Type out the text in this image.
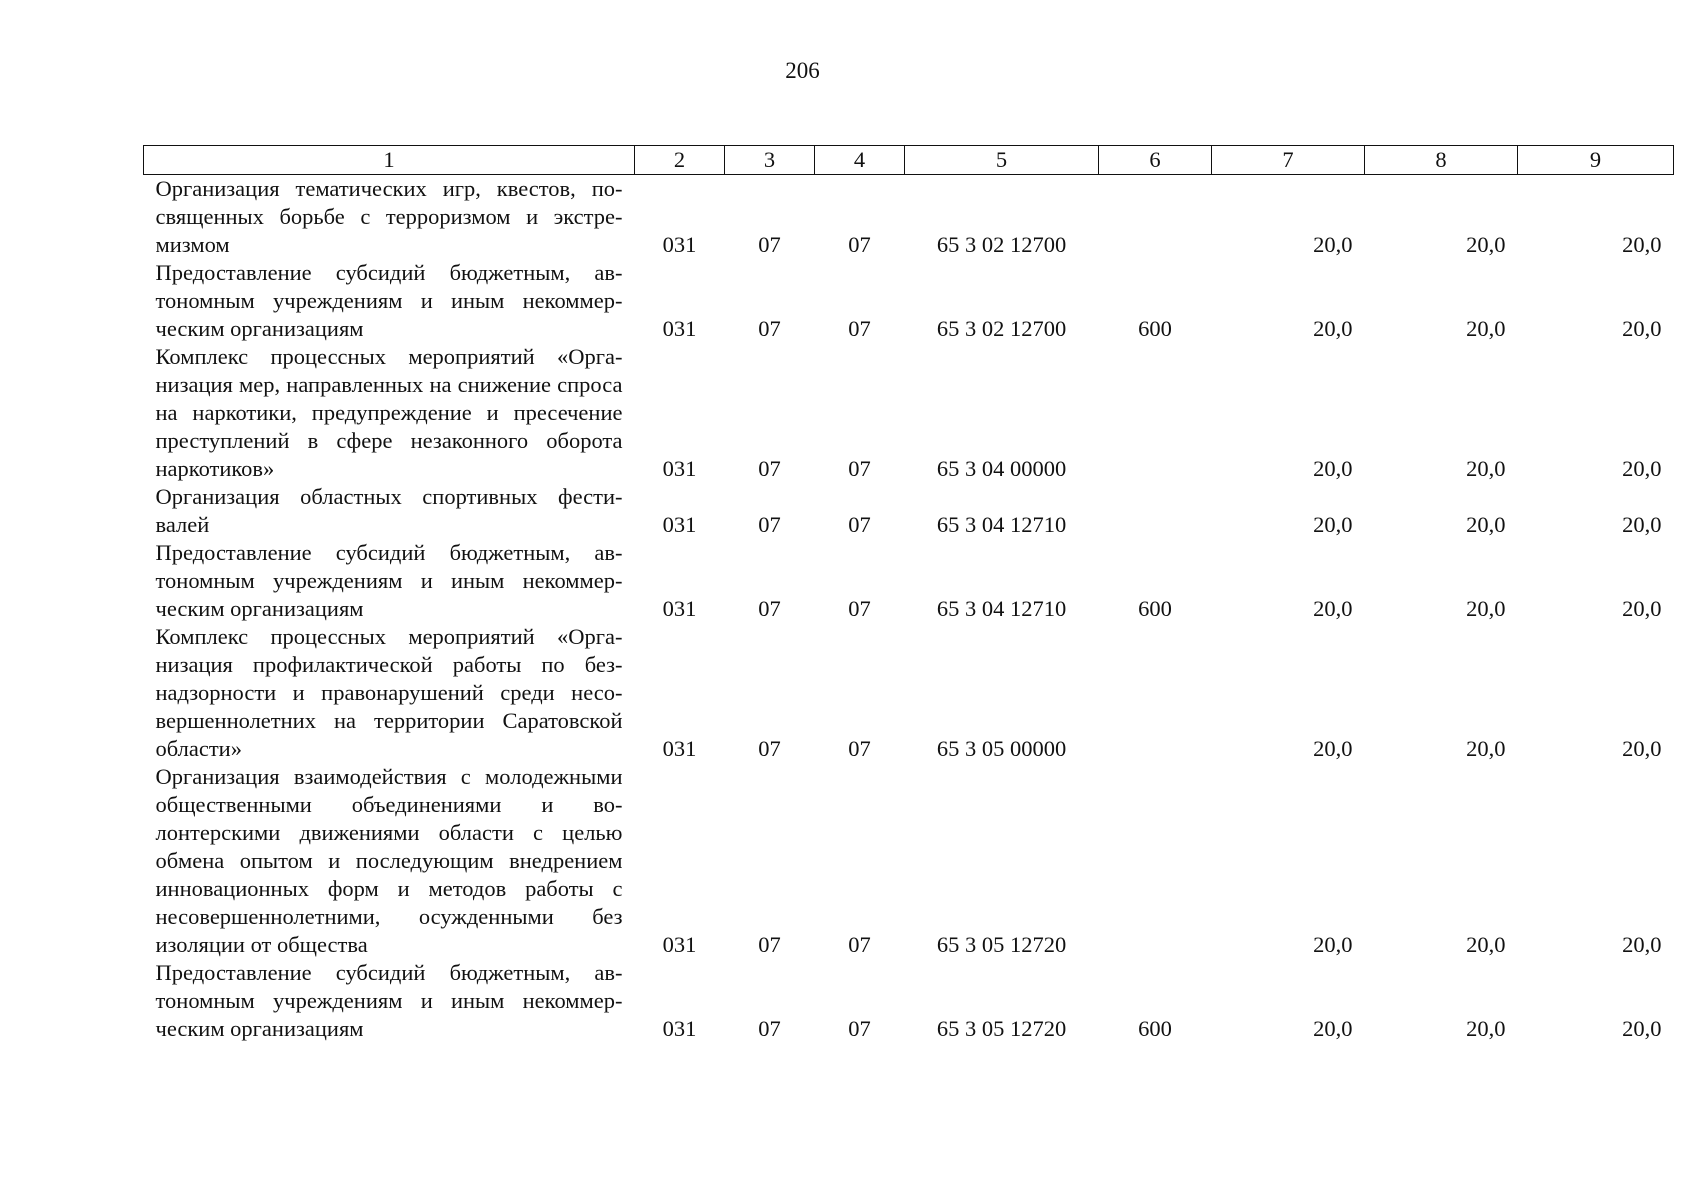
206
1	2	3	4	5	6	7	8	9
Организация тематических игр, квестов, посвященных борьбе с терроризмом и экстремизмом	031	07	07	65 3 02 12700		20,0	20,0	20,0
Предоставление субсидий бюджетным, автономным учреждениям и иным некоммерческим организациям	031	07	07	65 3 02 12700	600	20,0	20,0	20,0
Комплекс процессных мероприятий «Организация мер, направленных на снижение спроса на наркотики, предупреждение и пресечение преступлений в сфере незаконного оборота наркотиков»	031	07	07	65 3 04 00000		20,0	20,0	20,0
Организация областных спортивных фестивалей	031	07	07	65 3 04 12710		20,0	20,0	20,0
Предоставление субсидий бюджетным, автономным учреждениям и иным некоммерческим организациям	031	07	07	65 3 04 12710	600	20,0	20,0	20,0
Комплекс процессных мероприятий «Организация профилактической работы по безнадзорности и правонарушений среди несовершеннолетних на территории Саратовской области»	031	07	07	65 3 05 00000		20,0	20,0	20,0
Организация взаимодействия с молодежными общественными объединениями и волонтерскими движениями области с целью обмена опытом и последующим внедрением инновационных форм и методов работы с несовершеннолетними, осужденными без изоляции от общества	031	07	07	65 3 05 12720		20,0	20,0	20,0
Предоставление субсидий бюджетным, автономным учреждениям и иным некоммерческим организациям	031	07	07	65 3 05 12720	600	20,0	20,0	20,0
